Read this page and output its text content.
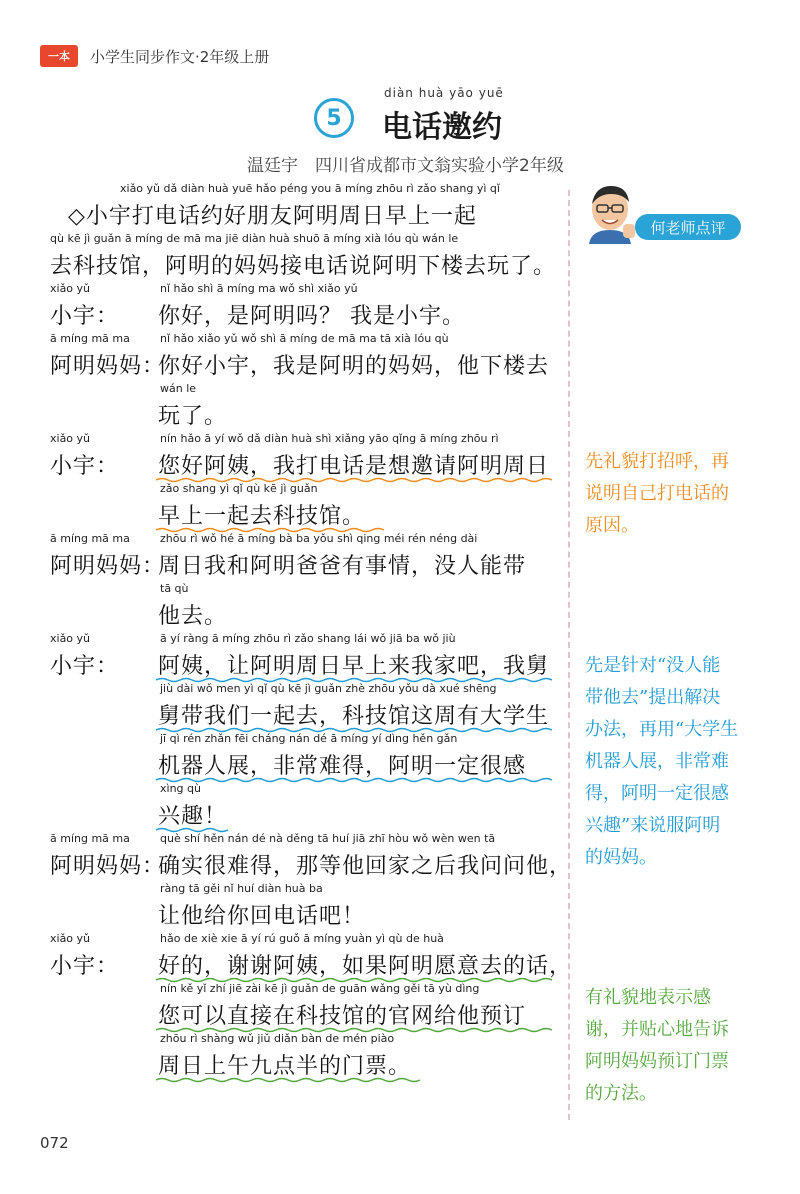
一本	小学生同步作文·2年级上册
5
diàn huà yāo yuē
电话邀约
温廷宇　四川省成都市文翁实验小学2年级
何老师点评
xiǎo yǔ dǎ diàn huà yuē hǎo péng you ā míng zhōu rì zǎo shang yì qǐ
◇小宇打电话约好朋友阿明周日早上一起
qù kē jì guǎn ā míng de mā ma jiē diàn huà shuō ā míng xià lóu qù wán le
去科技馆，阿明的妈妈接电话说阿明下楼去玩了。
xiǎo yǔ
小宇：
nǐ hǎo shì ā míng ma wǒ shì xiǎo yǔ
你好，是阿明吗？ 我是小宇。
ā míng mā ma
阿明妈妈：
nǐ hǎo xiǎo yǔ wǒ shì ā míng de mā ma tā xià lóu qù
你好小宇，我是阿明的妈妈，他下楼去
wán le
玩了。
xiǎo yǔ
小宇：
nín hǎo ā yí wǒ dǎ diàn huà shì xiǎng yāo qǐng ā míng zhōu rì
您好阿姨，我打电话是想邀请阿明周日
zǎo shang yì qǐ qù kē jì guǎn
早上一起去科技馆。
ā míng mā ma
阿明妈妈：
zhōu rì wǒ hé ā míng bà ba yǒu shì qing méi rén néng dài
周日我和阿明爸爸有事情，没人能带
tā qù
他去。
xiǎo yǔ
小宇：
ā yí ràng ā míng zhōu rì zǎo shang lái wǒ jiā ba wǒ jiù
阿姨，让阿明周日早上来我家吧，我舅
jiù dài wǒ men yì qǐ qù kē jì guǎn zhè zhōu yǒu dà xué shēng
舅带我们一起去，科技馆这周有大学生
jī qì rén zhǎn fēi cháng nán dé ā míng yí dìng hěn gǎn
机器人展，非常难得，阿明一定很感
xìng qù
兴趣！
ā míng mā ma
阿明妈妈：
què shí hěn nán dé nà děng tā huí jiā zhī hòu wǒ wèn wen tā
确实很难得，那等他回家之后我问问他，
ràng tā gěi nǐ huí diàn huà ba
让他给你回电话吧！
xiǎo yǔ
小宇：
hǎo de xiè xie ā yí rú guǒ ā míng yuàn yì qù de huà
好的，谢谢阿姨，如果阿明愿意去的话，
nín kě yǐ zhí jiē zài kē jì guǎn de guān wǎng gěi tā yù dìng
您可以直接在科技馆的官网给他预订
zhōu rì shàng wǔ jiǔ diǎn bàn de mén piào
周日上午九点半的门票。
先礼貌打招呼，再
说明自己打电话的
原因。
先是针对“没人能
带他去”提出解决
办法，再用“大学生
机器人展，非常难
得，阿明一定很感
兴趣”来说服阿明
的妈妈。
有礼貌地表示感
谢，并贴心地告诉
阿明妈妈预订门票
的方法。
072
